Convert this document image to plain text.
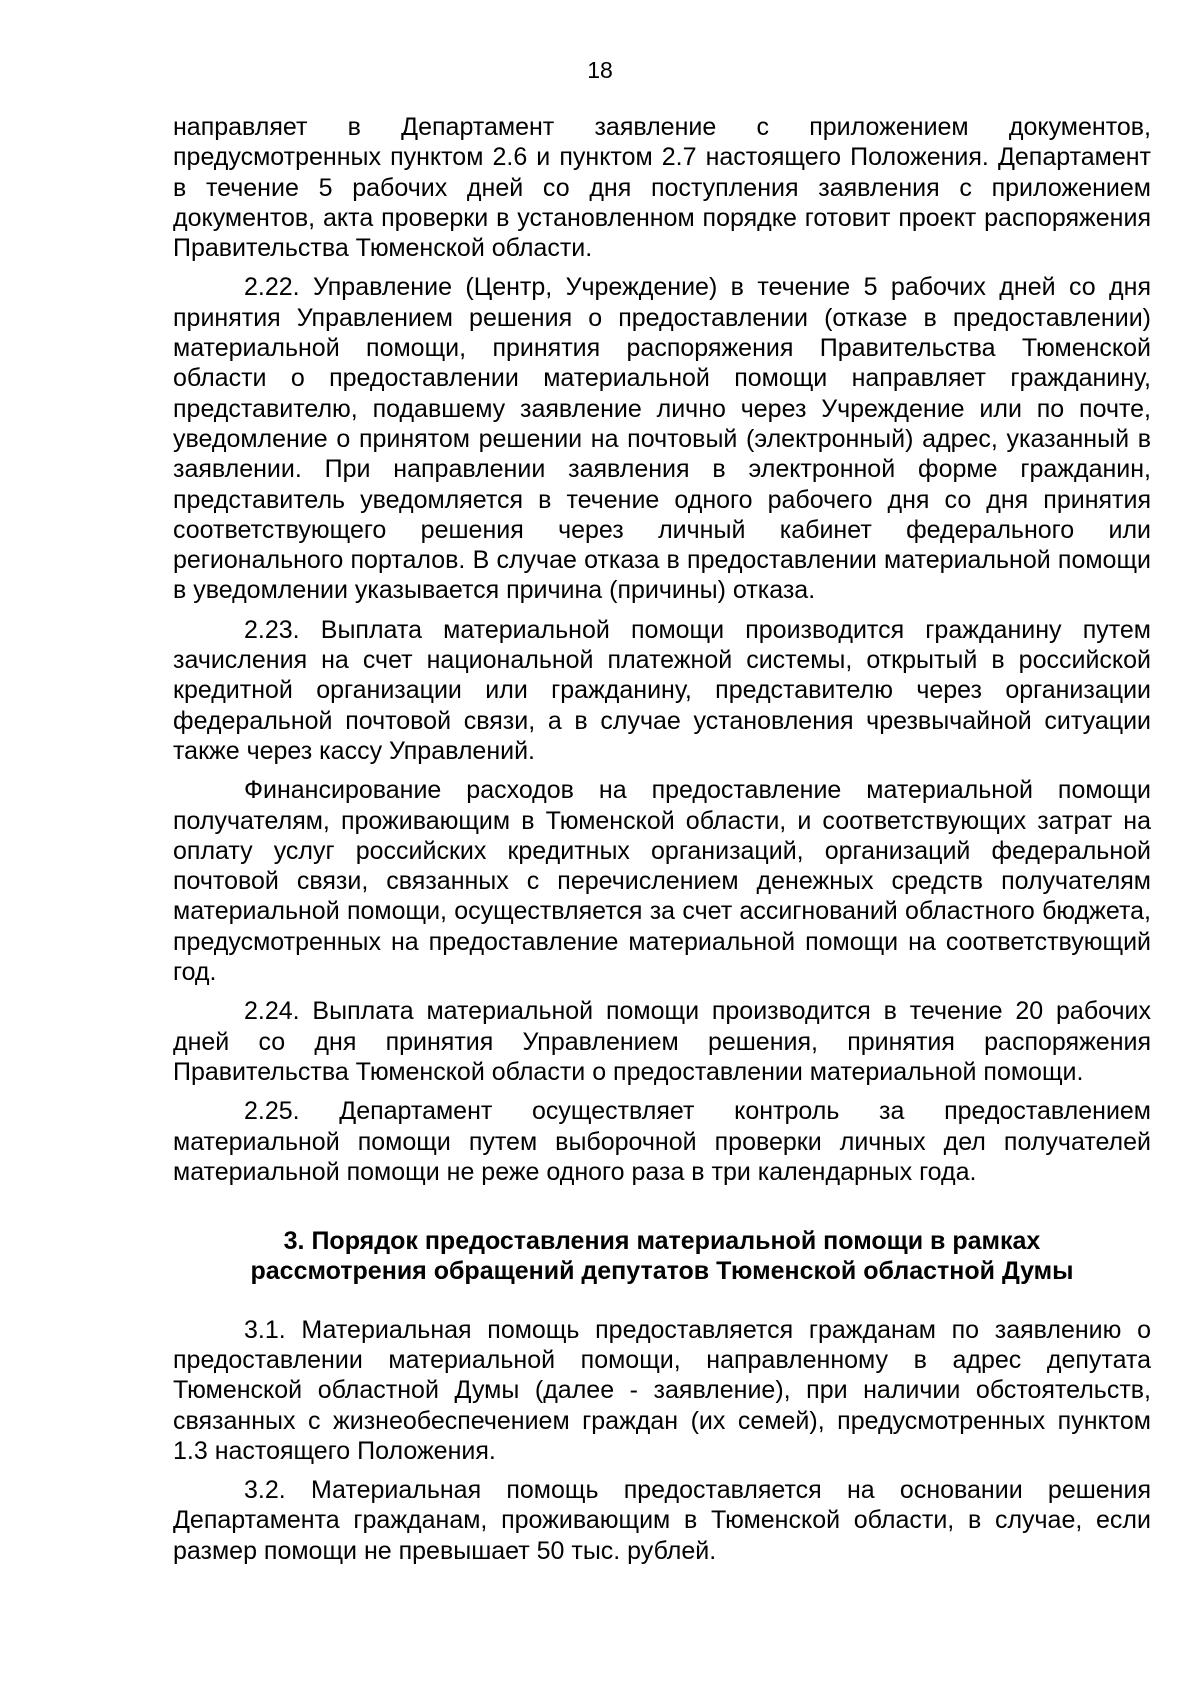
18

направляет в Департамент заявление с приложением документов, предусмотренных пунктом 2.6 и пунктом 2.7 настоящего Положения. Департамент в течение 5 рабочих дней со дня поступления заявления с приложением документов, акта проверки в установленном порядке готовит проект распоряжения Правительства Тюменской области.

2.22. Управление (Центр, Учреждение) в течение 5 рабочих дней со дня принятия Управлением решения о предоставлении (отказе в предоставлении) материальной помощи, принятия распоряжения Правительства Тюменской области о предоставлении материальной помощи направляет гражданину, представителю, подавшему заявление лично через Учреждение или по почте, уведомление о принятом решении на почтовый (электронный) адрес, указанный в заявлении. При направлении заявления в электронной форме гражданин, представитель уведомляется в течение одного рабочего дня со дня принятия соответствующего решения через личный кабинет федерального или регионального порталов. В случае отказа в предоставлении материальной помощи в уведомлении указывается причина (причины) отказа.

2.23. Выплата материальной помощи производится гражданину путем зачисления на счет национальной платежной системы, открытый в российской кредитной организации или гражданину, представителю через организации федеральной почтовой связи, а в случае установления чрезвычайной ситуации также через кассу Управлений.

Финансирование расходов на предоставление материальной помощи получателям, проживающим в Тюменской области, и соответствующих затрат на оплату услуг российских кредитных организаций, организаций федеральной почтовой связи, связанных с перечислением денежных средств получателям материальной помощи, осуществляется за счет ассигнований областного бюджета, предусмотренных на предоставление материальной помощи на соответствующий год.

2.24. Выплата материальной помощи производится в течение 20 рабочих дней со дня принятия Управлением решения, принятия распоряжения Правительства Тюменской области о предоставлении материальной помощи.

2.25. Департамент осуществляет контроль за предоставлением материальной помощи путем выборочной проверки личных дел получателей материальной помощи не реже одного раза в три календарных года.

3. Порядок предоставления материальной помощи в рамках
рассмотрения обращений депутатов Тюменской областной Думы

3.1. Материальная помощь предоставляется гражданам по заявлению о предоставлении материальной помощи, направленному в адрес депутата Тюменской областной Думы (далее - заявление), при наличии обстоятельств, связанных с жизнеобеспечением граждан (их семей), предусмотренных пунктом 1.3 настоящего Положения.

3.2. Материальная помощь предоставляется на основании решения Департамента гражданам, проживающим в Тюменской области, в случае, если размер помощи не превышает 50 тыс. рублей.
